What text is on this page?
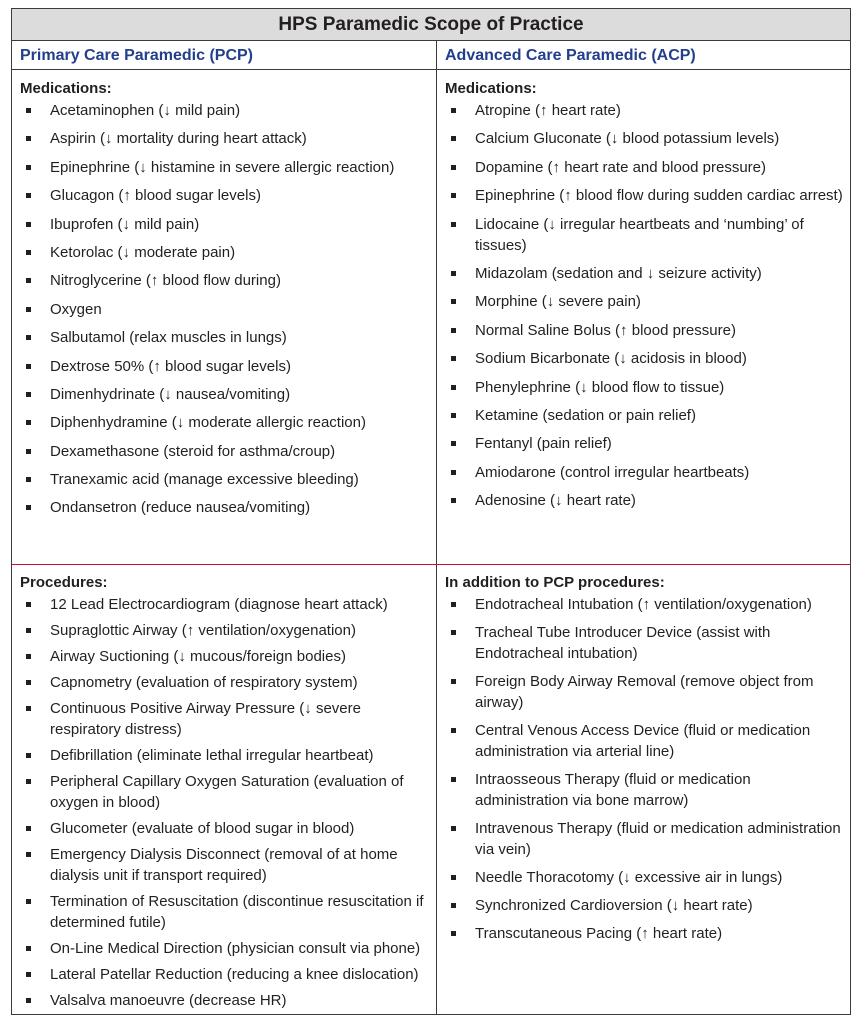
HPS Paramedic Scope of Practice
Primary Care Paramedic (PCP)	Advanced Care Paramedic (ACP)
Medications:
Acetaminophen (↓ mild pain)
Aspirin (↓ mortality during heart attack)
Epinephrine (↓ histamine in severe allergic reaction)
Glucagon (↑ blood sugar levels)
Ibuprofen (↓ mild pain)
Ketorolac (↓ moderate pain)
Nitroglycerine (↑ blood flow during)
Oxygen
Salbutamol (relax muscles in lungs)
Dextrose 50% (↑ blood sugar levels)
Dimenhydrinate (↓ nausea/vomiting)
Diphenhydramine (↓ moderate allergic reaction)
Dexamethasone (steroid for asthma/croup)
Tranexamic acid (manage excessive bleeding)
Ondansetron (reduce nausea/vomiting)
Medications:
Atropine (↑ heart rate)
Calcium Gluconate (↓ blood potassium levels)
Dopamine (↑ heart rate and blood pressure)
Epinephrine (↑ blood flow during sudden cardiac arrest)
Lidocaine (↓ irregular heartbeats and ‘numbing’ of tissues)
Midazolam (sedation and ↓ seizure activity)
Morphine (↓ severe pain)
Normal Saline Bolus (↑ blood pressure)
Sodium Bicarbonate (↓ acidosis in blood)
Phenylephrine (↓ blood flow to tissue)
Ketamine (sedation or pain relief)
Fentanyl (pain relief)
Amiodarone (control irregular heartbeats)
Adenosine (↓ heart rate)
Procedures:
12 Lead Electrocardiogram (diagnose heart attack)
Supraglottic Airway (↑ ventilation/oxygenation)
Airway Suctioning (↓ mucous/foreign bodies)
Capnometry (evaluation of respiratory system)
Continuous Positive Airway Pressure (↓ severe respiratory distress)
Defibrillation (eliminate lethal irregular heartbeat)
Peripheral Capillary Oxygen Saturation (evaluation of oxygen in blood)
Glucometer (evaluate of blood sugar in blood)
Emergency Dialysis Disconnect (removal of at home dialysis unit if transport required)
Termination of Resuscitation (discontinue resuscitation if determined futile)
On-Line Medical Direction (physician consult via phone)
Lateral Patellar Reduction (reducing a knee dislocation)
Valsalva manoeuvre (decrease HR)
In addition to PCP procedures:
Endotracheal Intubation (↑ ventilation/oxygenation)
Tracheal Tube Introducer Device (assist with Endotracheal intubation)
Foreign Body Airway Removal (remove object from airway)
Central Venous Access Device (fluid or medication administration via arterial line)
Intraosseous Therapy (fluid or medication administration via bone marrow)
Intravenous Therapy (fluid or medication administration via vein)
Needle Thoracotomy (↓ excessive air in lungs)
Synchronized Cardioversion (↓ heart rate)
Transcutaneous Pacing (↑ heart rate)
